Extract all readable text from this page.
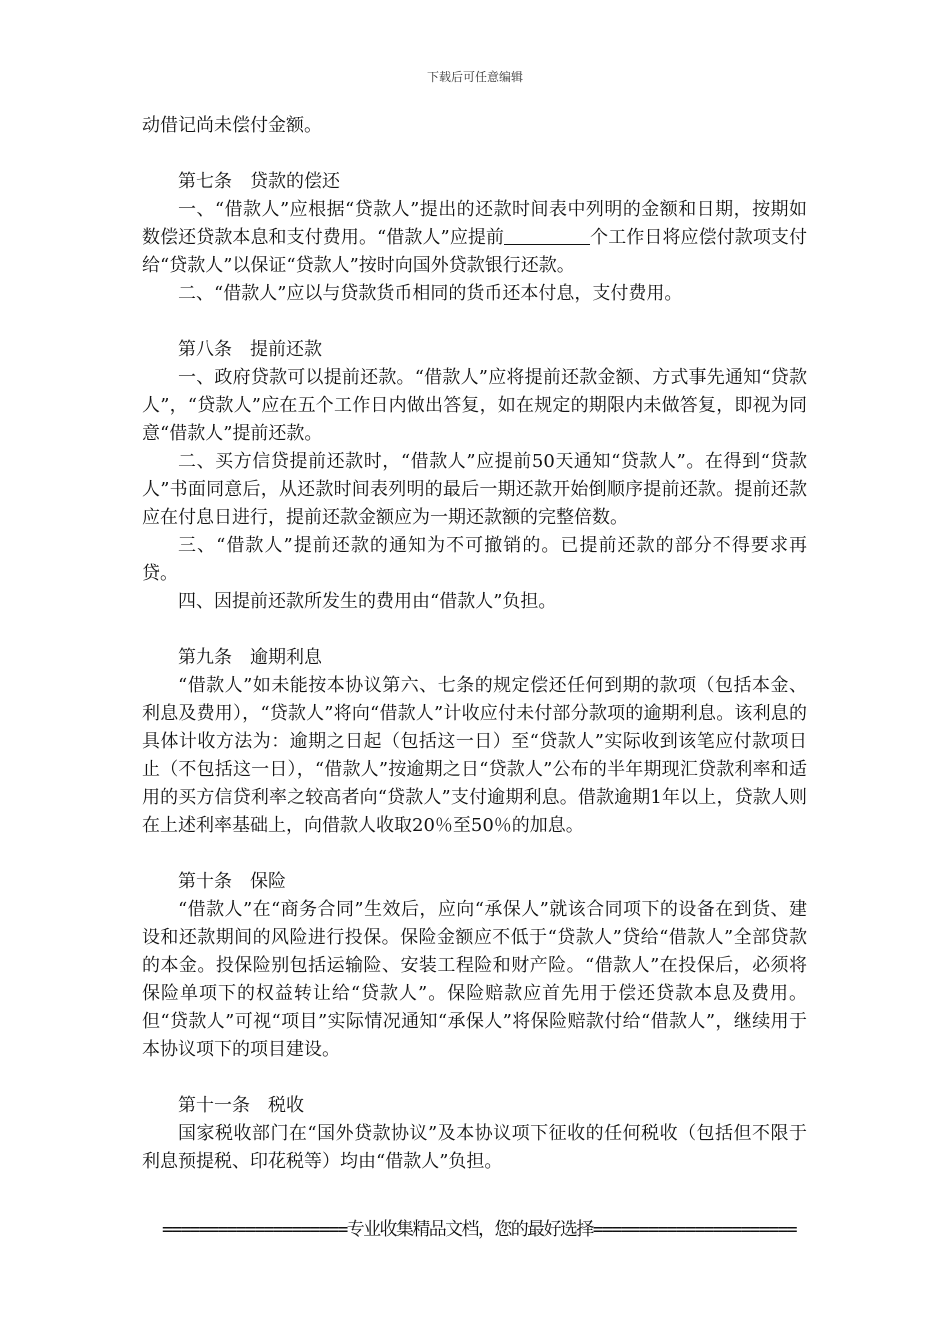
下载后可任意编辑

动借记尚未偿付金额。

第七条　贷款的偿还

一、“借款人”应根据“贷款人”提出的还款时间表中列明的金额和日期，按期如数偿还贷款本息和支付费用。“借款人”应提前	个工作日将应偿付款项支付给“贷款人”以保证“贷款人”按时向国外贷款银行还款。

二、“借款人”应以与贷款货币相同的货币还本付息，支付费用。

第八条　提前还款

一、政府贷款可以提前还款。“借款人”应将提前还款金额、方式事先通知“贷款人”，“贷款人”应在五个工作日内做出答复，如在规定的期限内未做答复，即视为同意“借款人”提前还款。

二、买方信贷提前还款时，“借款人”应提前50天通知“贷款人”。在得到“贷款人”书面同意后，从还款时间表列明的最后一期还款开始倒顺序提前还款。提前还款应在付息日进行，提前还款金额应为一期还款额的完整倍数。

三、“借款人”提前还款的通知为不可撤销的。已提前还款的部分不得要求再贷。

四、因提前还款所发生的费用由“借款人”负担。

第九条　逾期利息

“借款人”如未能按本协议第六、七条的规定偿还任何到期的款项（包括本金、利息及费用），“贷款人”将向“借款人”计收应付未付部分款项的逾期利息。该利息的具体计收方法为：逾期之日起（包括这一日）至“贷款人”实际收到该笔应付款项日止（不包括这一日），“借款人”按逾期之日“贷款人”公布的半年期现汇贷款利率和适用的买方信贷利率之较高者向“贷款人”支付逾期利息。借款逾期1年以上，贷款人则在上述利率基础上，向借款人收取20％至50％的加息。

第十条　保险

“借款人”在“商务合同”生效后，应向“承保人”就该合同项下的设备在到货、建设和还款期间的风险进行投保。保险金额应不低于“贷款人”贷给“借款人”全部贷款的本金。投保险别包括运输险、安装工程险和财产险。“借款人”在投保后，必须将保险单项下的权益转让给“贷款人”。保险赔款应首先用于偿还贷款本息及费用。但“贷款人”可视“项目”实际情况通知“承保人”将保险赔款付给“借款人”，继续用于本协议项下的项目建设。

第十一条　税收

国家税收部门在“国外贷款协议”及本协议项下征收的任何税收（包括但不限于利息预提税、印花税等）均由“借款人”负担。

====================专业收集精品文档，您的最好选择======================
